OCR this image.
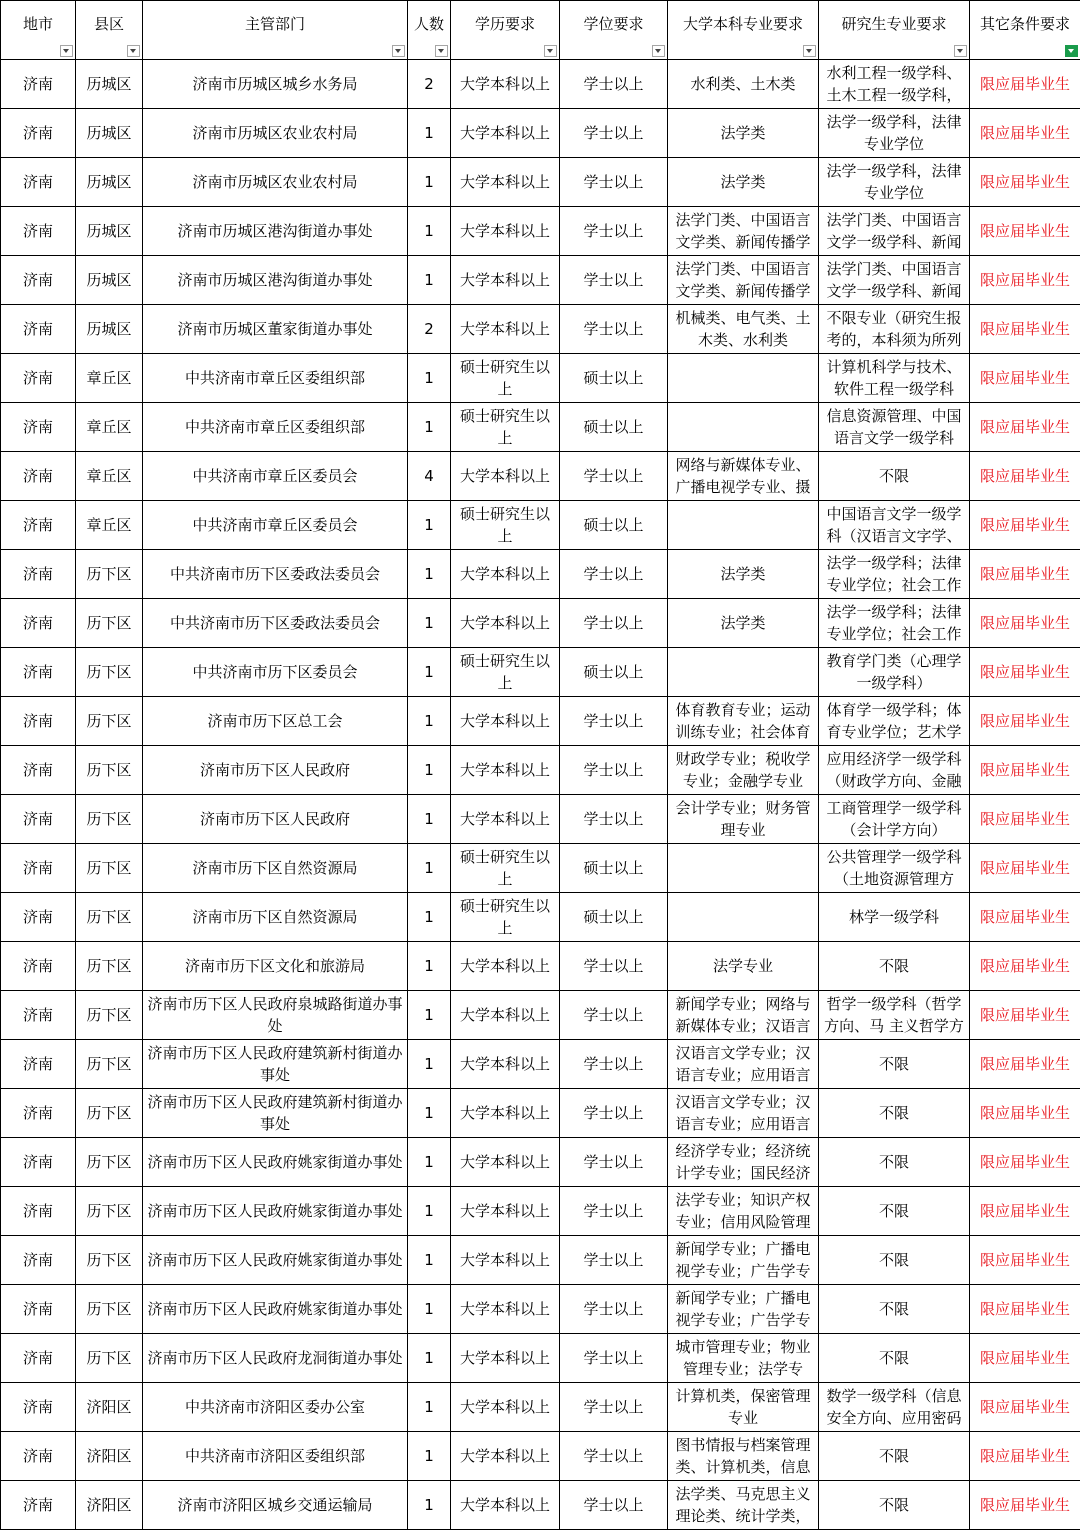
地市	县区	主管部门	人数	学历要求	学位要求	大学本科专业要求	研究生专业要求	其它条件要求

济南	历城区	济南市历城区城乡水务局	2	大学本科以上	学士以上	水利类、土木类	水利工程一级学科、土木工程一级学科，	限应届毕业生

济南	历城区	济南市历城区农业农村局	1	大学本科以上	学士以上	法学类	法学一级学科，法律专业学位	限应届毕业生

济南	历城区	济南市历城区农业农村局	1	大学本科以上	学士以上	法学类	法学一级学科，法律专业学位	限应届毕业生

济南	历城区	济南市历城区港沟街道办事处	1	大学本科以上	学士以上	法学门类、中国语言文学类、新闻传播学	法学门类、中国语言文学一级学科、新闻	限应届毕业生

济南	历城区	济南市历城区港沟街道办事处	1	大学本科以上	学士以上	法学门类、中国语言文学类、新闻传播学	法学门类、中国语言文学一级学科、新闻	限应届毕业生

济南	历城区	济南市历城区董家街道办事处	2	大学本科以上	学士以上	机械类、电气类、土木类、水利类	不限专业（研究生报考的，本科须为所列	限应届毕业生

济南	章丘区	中共济南市章丘区委组织部	1	硕士研究生以上	硕士以上		计算机科学与技术、软件工程一级学科	限应届毕业生

济南	章丘区	中共济南市章丘区委组织部	1	硕士研究生以上	硕士以上		信息资源管理、中国语言文学一级学科	限应届毕业生

济南	章丘区	中共济南市章丘区委员会	4	大学本科以上	学士以上	网络与新媒体专业、广播电视学专业、摄	不限	限应届毕业生

济南	章丘区	中共济南市章丘区委员会	1	硕士研究生以上	硕士以上		中国语言文学一级学科（汉语言文字学、	限应届毕业生

济南	历下区	中共济南市历下区委政法委员会	1	大学本科以上	学士以上	法学类	法学一级学科；法律专业学位；社会工作	限应届毕业生

济南	历下区	中共济南市历下区委政法委员会	1	大学本科以上	学士以上	法学类	法学一级学科；法律专业学位；社会工作	限应届毕业生

济南	历下区	中共济南市历下区委员会	1	硕士研究生以上	硕士以上		教育学门类（心理学一级学科）	限应届毕业生

济南	历下区	济南市历下区总工会	1	大学本科以上	学士以上	体育教育专业；运动训练专业；社会体育	体育学一级学科；体育专业学位；艺术学	限应届毕业生

济南	历下区	济南市历下区人民政府	1	大学本科以上	学士以上	财政学专业；税收学专业；金融学专业	应用经济学一级学科（财政学方向、金融	限应届毕业生

济南	历下区	济南市历下区人民政府	1	大学本科以上	学士以上	会计学专业；财务管理专业	工商管理学一级学科（会计学方向）	限应届毕业生

济南	历下区	济南市历下区自然资源局	1	硕士研究生以上	硕士以上		公共管理学一级学科（土地资源管理方	限应届毕业生

济南	历下区	济南市历下区自然资源局	1	硕士研究生以上	硕士以上		林学一级学科	限应届毕业生

济南	历下区	济南市历下区文化和旅游局	1	大学本科以上	学士以上	法学专业	不限	限应届毕业生

济南	历下区	济南市历下区人民政府泉城路街道办事处	1	大学本科以上	学士以上	新闻学专业；网络与新媒体专业；汉语言	哲学一级学科（哲学方向、马 主义哲学方	限应届毕业生

济南	历下区	济南市历下区人民政府建筑新村街道办事处	1	大学本科以上	学士以上	汉语言文学专业；汉语言专业；应用语言	不限	限应届毕业生

济南	历下区	济南市历下区人民政府建筑新村街道办事处	1	大学本科以上	学士以上	汉语言文学专业；汉语言专业；应用语言	不限	限应届毕业生

济南	历下区	济南市历下区人民政府姚家街道办事处	1	大学本科以上	学士以上	经济学专业；经济统计学专业；国民经济	不限	限应届毕业生

济南	历下区	济南市历下区人民政府姚家街道办事处	1	大学本科以上	学士以上	法学专业；知识产权专业；信用风险管理	不限	限应届毕业生

济南	历下区	济南市历下区人民政府姚家街道办事处	1	大学本科以上	学士以上	新闻学专业；广播电视学专业；广告学专	不限	限应届毕业生

济南	历下区	济南市历下区人民政府姚家街道办事处	1	大学本科以上	学士以上	新闻学专业；广播电视学专业；广告学专	不限	限应届毕业生

济南	历下区	济南市历下区人民政府龙洞街道办事处	1	大学本科以上	学士以上	城市管理专业；物业管理专业；法学专	不限	限应届毕业生

济南	济阳区	中共济南市济阳区委办公室	1	大学本科以上	学士以上	计算机类，保密管理专业	数学一级学科（信息安全方向、应用密码	限应届毕业生

济南	济阳区	中共济南市济阳区委组织部	1	大学本科以上	学士以上	图书情报与档案管理类、计算机类，信息	不限	限应届毕业生

济南	济阳区	济南市济阳区城乡交通运输局	1	大学本科以上	学士以上	法学类、马克思主义理论类、统计学类，	不限	限应届毕业生
